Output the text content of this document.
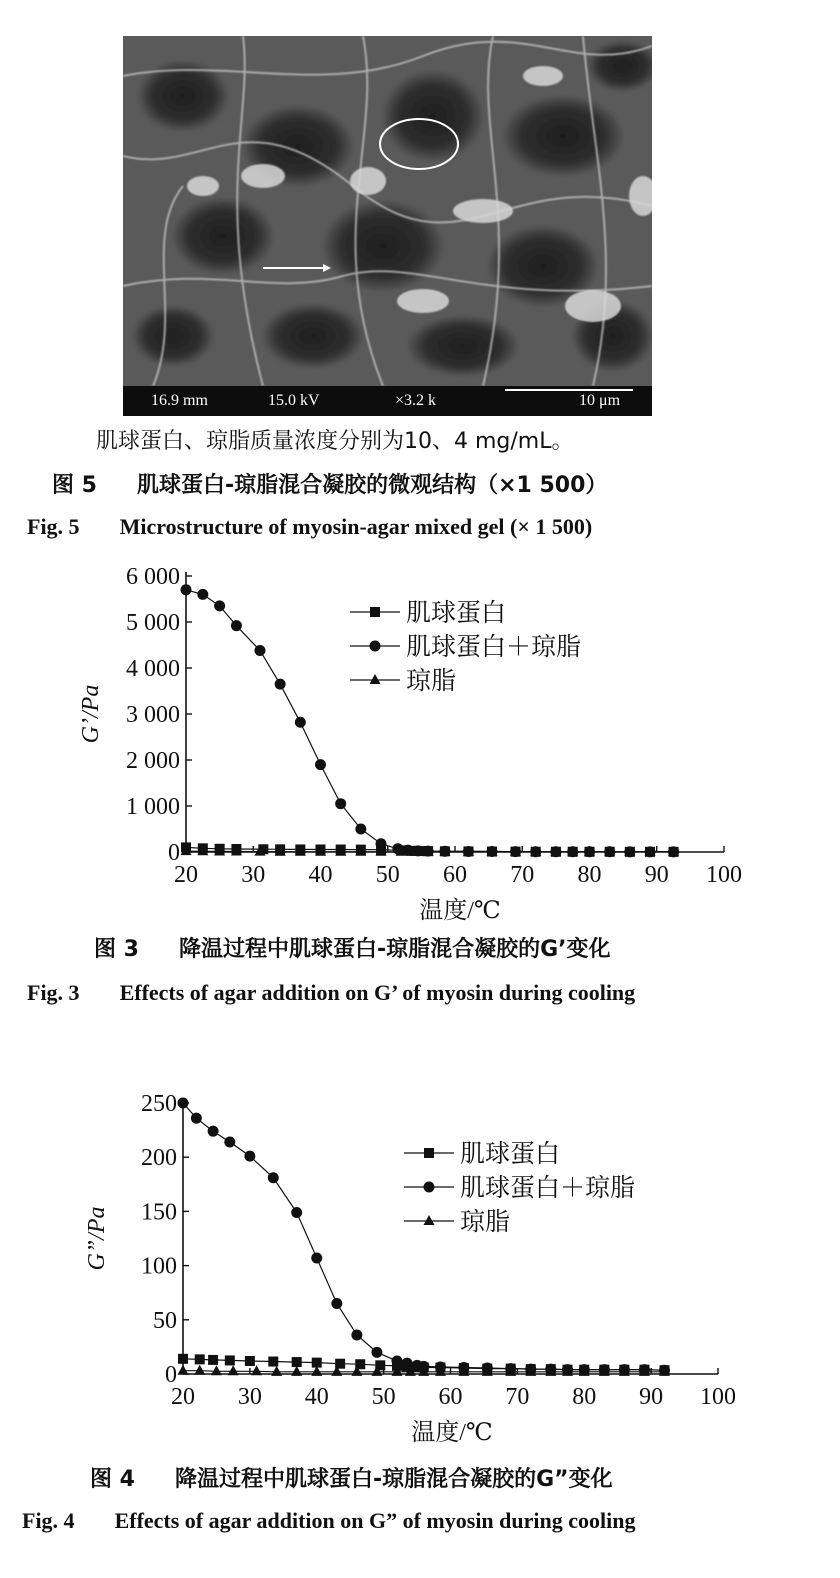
16.9 mm	15.0 kV	×3.2 k	10 μm
肌球蛋白、琼脂质量浓度分别为10、4 mg/mL。
图 5 肌球蛋白-琼脂混合凝胶的微观结构（×1 500）
Fig. 5 Microstructure of myosin-agar mixed gel (× 1 500)
0
1 000
2 000
3 000
4 000
5 000
6 000
20 30 40 50 60 70 80 90 100
温度/℃
G’/Pa
肌球蛋白
肌球蛋白＋琼脂
琼脂
图 3 降温过程中肌球蛋白-琼脂混合凝胶的G’变化
Fig. 3 Effects of agar addition on G’ of myosin during cooling
0
50
100
150
200
250
20 30 40 50 60 70 80 90 100
温度/℃
G”/Pa
肌球蛋白
肌球蛋白＋琼脂
琼脂
图 4 降温过程中肌球蛋白-琼脂混合凝胶的G”变化
Fig. 4 Effects of agar addition on G” of myosin during cooling
